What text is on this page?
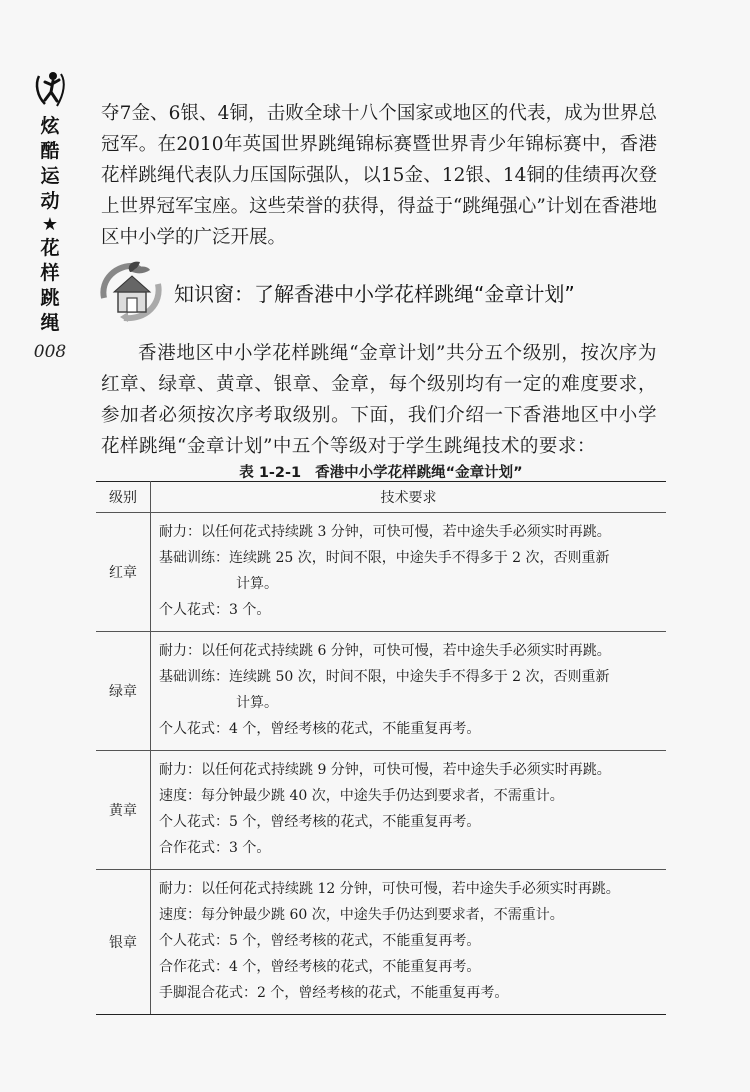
炫
酷
运
动
★
花
样
跳
绳
008

夺7金、6银、4铜，击败全球十八个国家或地区的代表，成为世界总冠军。在2010年英国世界跳绳锦标赛暨世界青少年锦标赛中，香港花样跳绳代表队力压国际强队，以15金、12银、14铜的佳绩再次登上世界冠军宝座。这些荣誉的获得，得益于“跳绳强心”计划在香港地区中小学的广泛开展。

知识窗：了解香港中小学花样跳绳“金章计划”

香港地区中小学花样跳绳“金章计划”共分五个级别，按次序为红章、绿章、黄章、银章、金章，每个级别均有一定的难度要求，参加者必须按次序考取级别。下面，我们介绍一下香港地区中小学花样跳绳“金章计划”中五个等级对于学生跳绳技术的要求：

表 1-2-1 香港中小学花样跳绳“金章计划”
级别	技术要求
红章	耐力：以任何花式持续跳 3 分钟，可快可慢，若中途失手必须实时再跳。
基础训练：连续跳 25 次，时间不限，中途失手不得多于 2 次，否则重新
计算。
个人花式：3 个。

绿章	耐力：以任何花式持续跳 6 分钟，可快可慢，若中途失手必须实时再跳。
基础训练：连续跳 50 次，时间不限，中途失手不得多于 2 次，否则重新
计算。
个人花式：4 个，曾经考核的花式，不能重复再考。

黄章	耐力：以任何花式持续跳 9 分钟，可快可慢，若中途失手必须实时再跳。
速度：每分钟最少跳 40 次，中途失手仍达到要求者，不需重计。
个人花式：5 个，曾经考核的花式，不能重复再考。
合作花式：3 个。

银章	耐力：以任何花式持续跳 12 分钟，可快可慢，若中途失手必须实时再跳。
速度：每分钟最少跳 60 次，中途失手仍达到要求者，不需重计。
个人花式：5 个，曾经考核的花式，不能重复再考。
合作花式：4 个，曾经考核的花式，不能重复再考。
手脚混合花式：2 个，曾经考核的花式，不能重复再考。
